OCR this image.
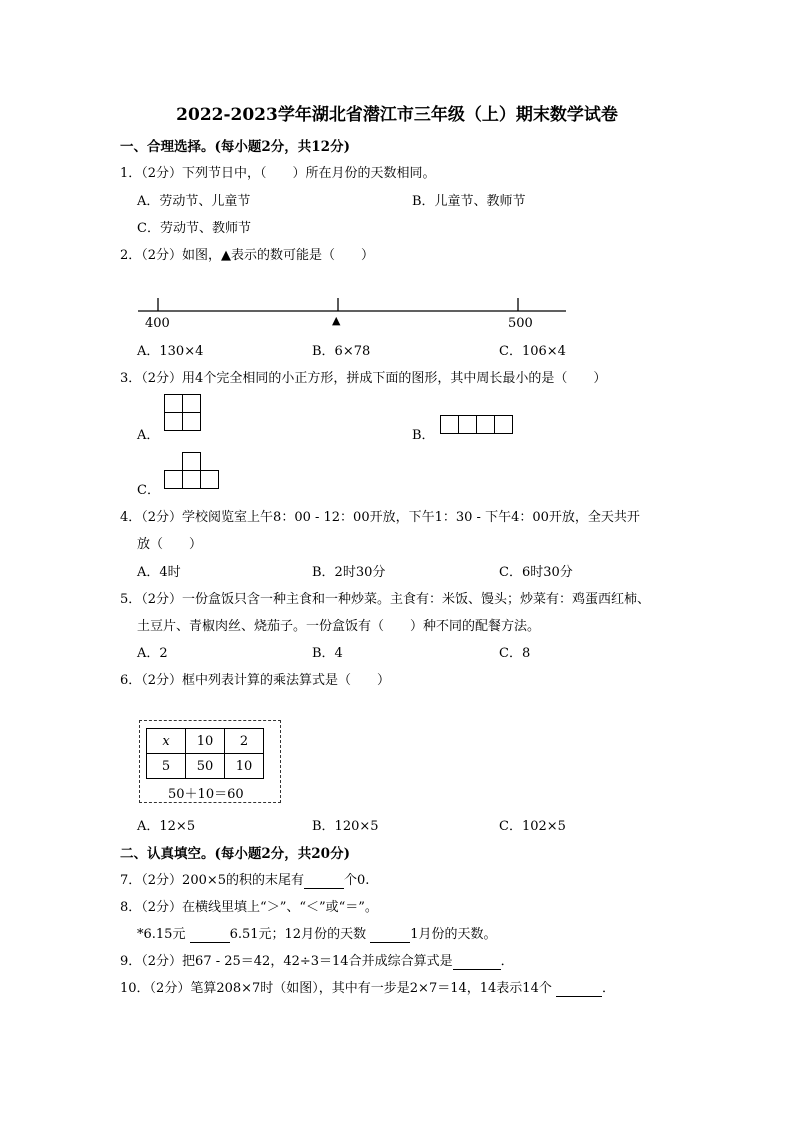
2022-2023学年湖北省潜江市三年级（上）期末数学试卷
一、合理选择。(每小题2分，共12分)
1．（2分）下列节日中，（　　）所在月份的天数相同。
A．劳动节、儿童节	B．儿童节、教师节
C．劳动节、教师节
2．（2分）如图，▲表示的数可能是（　　）
400	▲	500
A．130×4	B．6×78	C．106×4
3．（2分）用4个完全相同的小正方形，拼成下面的图形，其中周长最小的是（　　）
A．	B．
C．
4．（2分）学校阅览室上午8：00 - 12：00开放，下午1：30 - 下午4：00开放，全天共开
放（　　）
A．4时	B．2时30分	C．6时30分
5．（2分）一份盒饭只含一种主食和一种炒菜。主食有：米饭、馒头；炒菜有：鸡蛋西红柿、
土豆片、青椒肉丝、烧茄子。一份盒饭有（　　）种不同的配餐方法。
A．2	B．4	C．8
6．（2分）框中列表计算的乘法算式是（　　）
x	10	2
5	50	10
50＋10＝60
A．12×5	B．120×5	C．102×5
二、认真填空。(每小题2分，共20分)
7．（2分）200×5的积的末尾有	个0.
8．（2分）在横线里填上“＞”、“＜”或“＝”。
*6.15元	6.51元；12月份的天数	1月份的天数。
9．（2分）把67 - 25＝42，42÷3＝14合并成综合算式是	．
10．（2分）笔算208×7时（如图），其中有一步是2×7＝14，14表示14个	．
